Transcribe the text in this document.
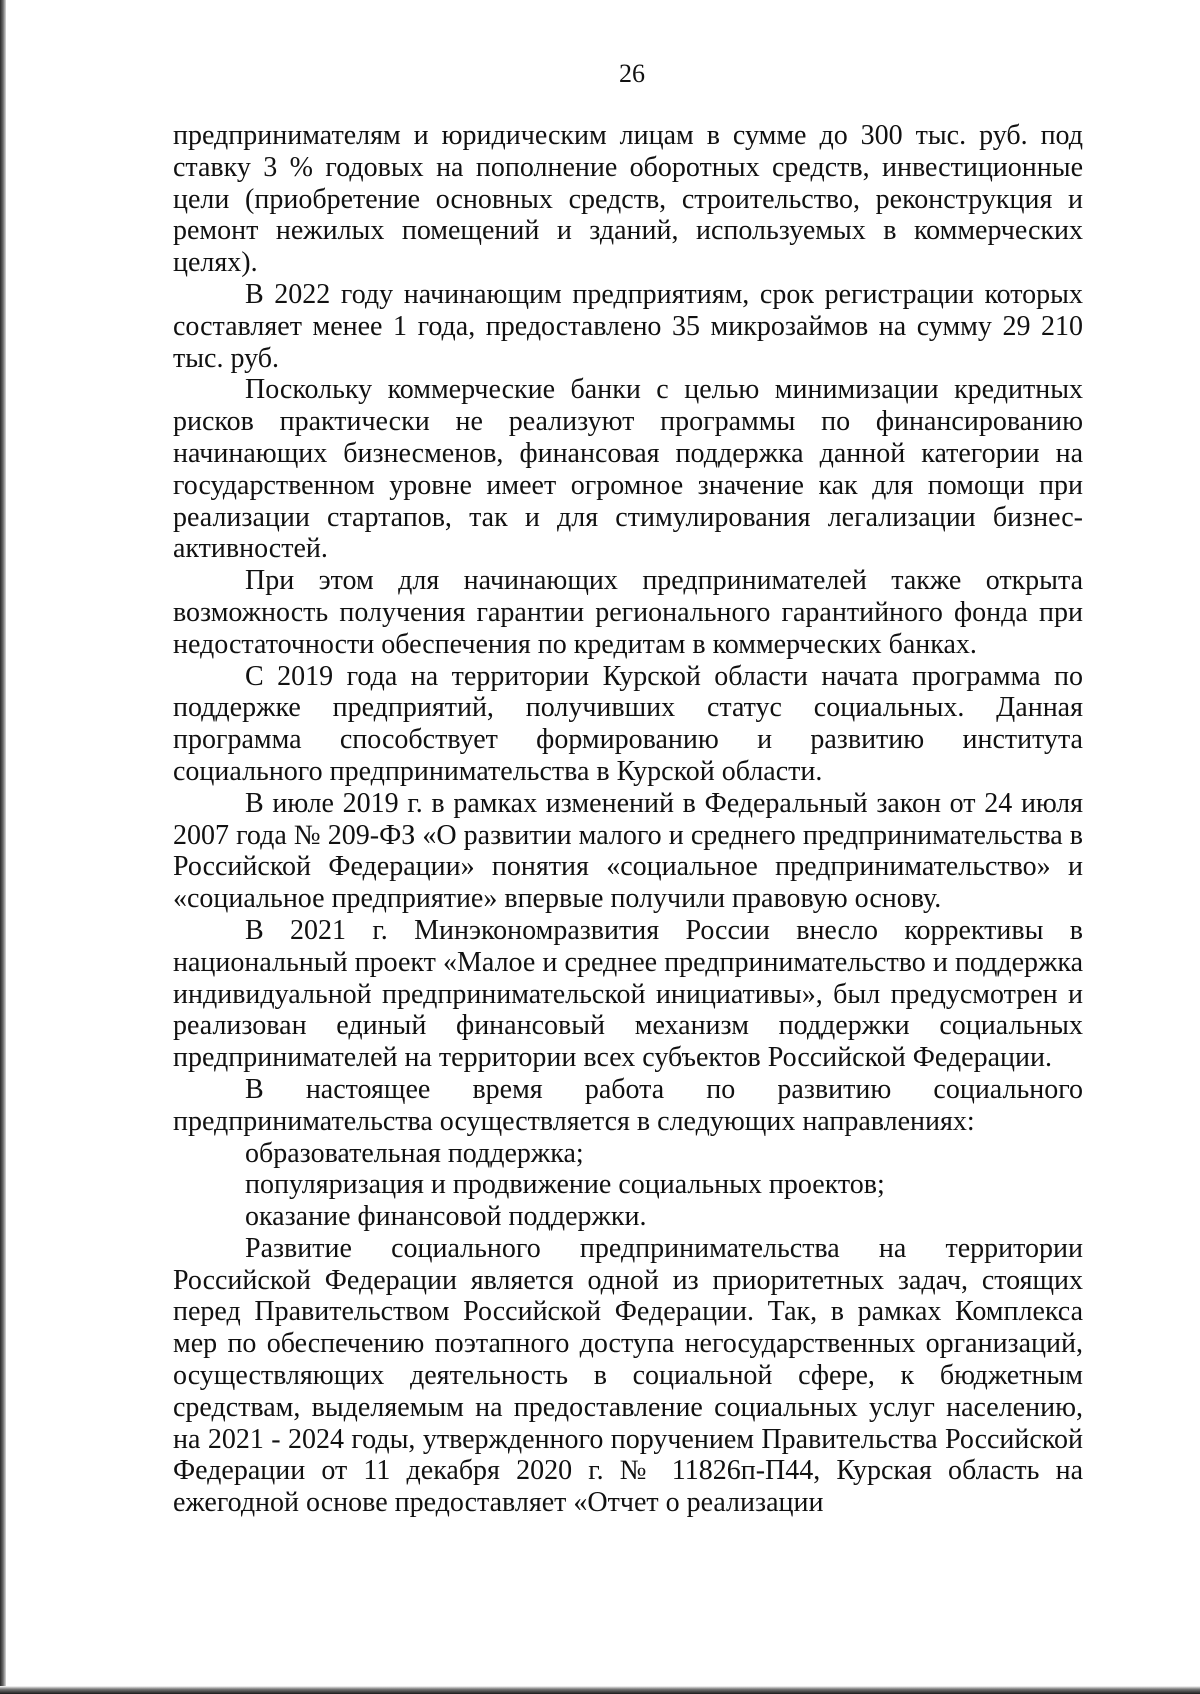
26

предпринимателям и юридическим лицам в сумме до 300 тыс. руб. под ставку 3 % годовых на пополнение оборотных средств, инвестиционные цели (приобретение основных средств, строительство, реконструкция и ремонт нежилых помещений и зданий, используемых в коммерческих целях).

В 2022 году начинающим предприятиям, срок регистрации которых составляет менее 1 года, предоставлено 35 микрозаймов на сумму 29 210 тыс. руб.

Поскольку коммерческие банки с целью минимизации кредитных рисков практически не реализуют программы по финансированию начинающих бизнесменов, финансовая поддержка данной категории на государственном уровне имеет огромное значение как для помощи при реализации стартапов, так и для стимулирования легализации бизнес-активностей.

При этом для начинающих предпринимателей также открыта возможность получения гарантии регионального гарантийного фонда при недостаточности обеспечения по кредитам в коммерческих банках.

С 2019 года на территории Курской области начата программа по поддержке предприятий, получивших статус социальных. Данная программа способствует формированию и развитию института социального предпринимательства в Курской области.

В июле 2019 г. в рамках изменений в Федеральный закон от 24 июля 2007 года № 209-ФЗ «О развитии малого и среднего предпринимательства в Российской Федерации» понятия «социальное предпринимательство» и «социальное предприятие» впервые получили правовую основу.

В 2021 г. Минэкономразвития России внесло коррективы в национальный проект «Малое и среднее предпринимательство и поддержка индивидуальной предпринимательской инициативы», был предусмотрен и реализован единый финансовый механизм поддержки социальных предпринимателей на территории всех субъектов Российской Федерации.

В настоящее время работа по развитию социального предпринимательства осуществляется в следующих направлениях:

образовательная поддержка;

популяризация и продвижение социальных проектов;

оказание финансовой поддержки.

Развитие социального предпринимательства на территории Российской Федерации является одной из приоритетных задач, стоящих перед Правительством Российской Федерации. Так, в рамках Комплекса мер по обеспечению поэтапного доступа негосударственных организаций, осуществляющих деятельность в социальной сфере, к бюджетным средствам, выделяемым на предоставление социальных услуг населению, на 2021 - 2024 годы, утвержденного поручением Правительства Российской Федерации от 11 декабря 2020 г. № 11826п-П44, Курская область на ежегодной основе предоставляет «Отчет о реализации
